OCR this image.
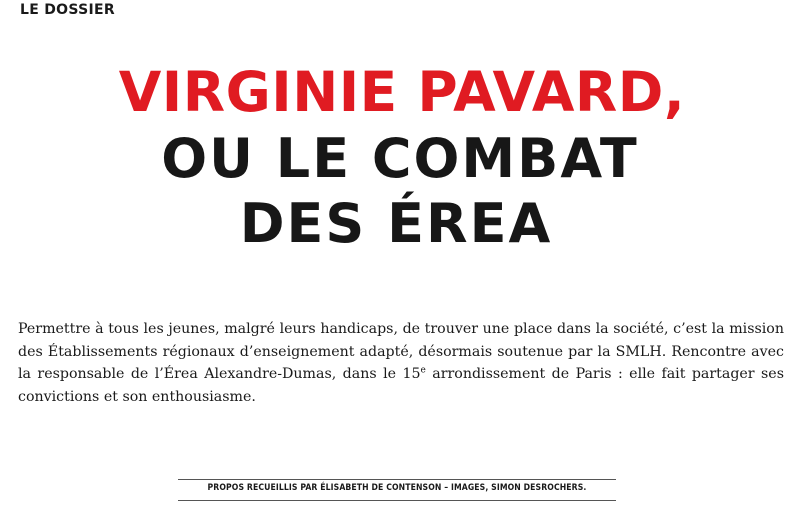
LE DOSSIER

VIRGINIE PAVARD,
OU LE COMBAT
DES ÉREA

Permettre à tous les jeunes, malgré leurs handicaps, de trouver une place dans la société, c’est la mission des Établissements régionaux d’enseignement adapté, désormais soutenue par la SMLH. Rencontre avec la responsable de l’Érea Alexandre-Dumas, dans le 15e arrondissement de Paris : elle fait partager ses convictions et son enthousiasme.

PROPOS RECUEILLIS PAR ÉLISABETH DE CONTENSON – IMAGES, SIMON DESROCHERS.
